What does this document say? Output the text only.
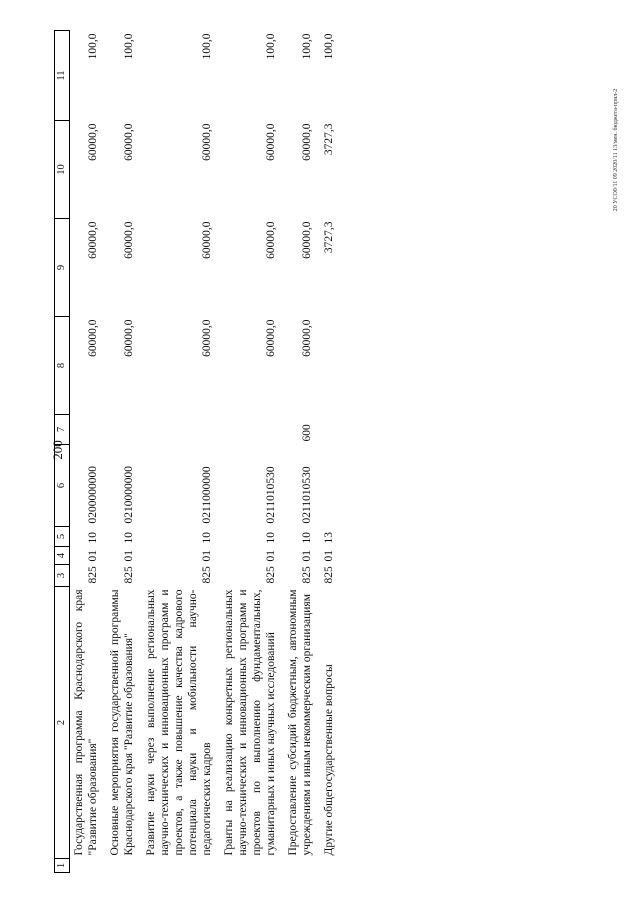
200
20 УСО0/11 09 2020/11 13/мен. бюджета-прил-2
1	2	3	4	5	6	7	8	9	10	11
	Государственная программа Краснодарского края "Развитие образования"	825	01	10	0200000000		60000,0	60000,0	60000,0	100,0
	Основные мероприятия государственной программы Краснодарского края "Развитие образования"	825	01	10	0210000000		60000,0	60000,0	60000,0	100,0
	Развитие науки через выполнение региональных научно-технических и инновационных программ и проектов, а также повышение качества кадрового потенциала науки и мобильности научно-педагогических кадров	825	01	10	0211000000		60000,0	60000,0	60000,0	100,0
	Гранты на реализацию конкретных региональных научно-технических и инновационных программ и проектов по выполнению фундаментальных, гуманитарных и иных научных исследований	825	01	10	0211010530		60000,0	60000,0	60000,0	100,0
	Предоставление субсидий бюджетным, автономным учреждениям и иным некоммерческим организациям	825	01	10	0211010530	600	60000,0	60000,0	60000,0	100,0
	Другие общегосударственные вопросы	825	01	13				3727,3	3727,3	100,0
